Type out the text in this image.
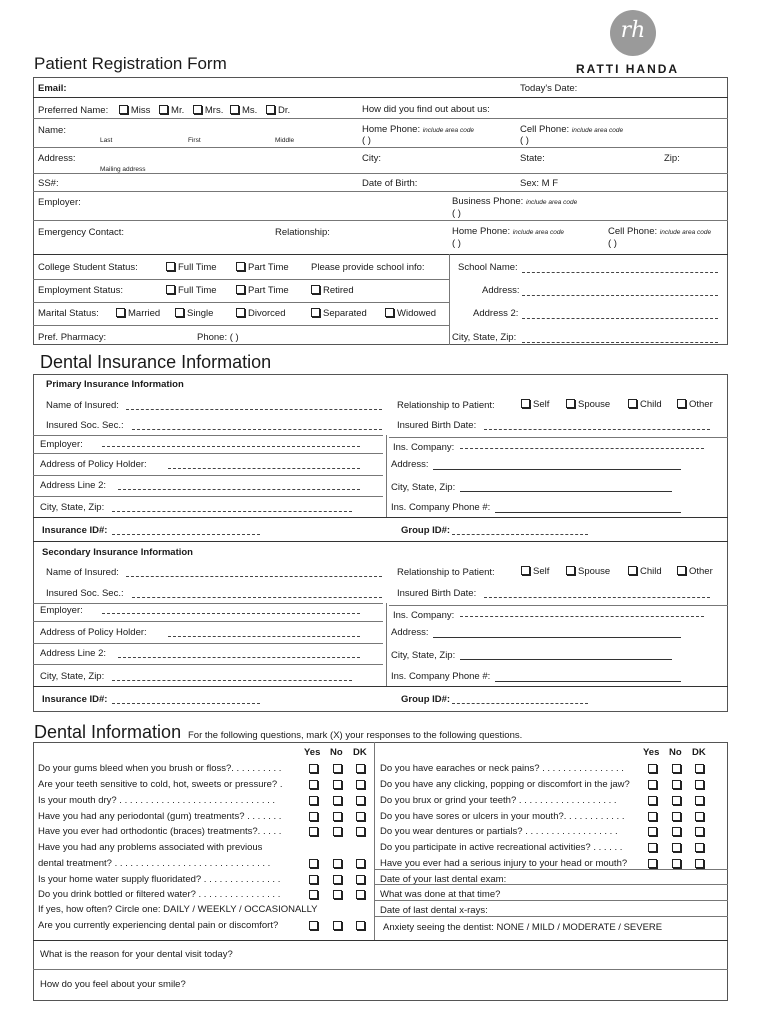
rh
RATTI HANDA
Patient Registration Form
Email:	Today's Date:
Preferred Name: Miss Mr. Mrs. Ms. Dr.	How did you find out about us:
Name:
Last	First	Middle
Home Phone: include area code
( )
Cell Phone: include area code
( )
Address:
Mailing address
City:	State:	Zip:
SS#:	Date of Birth:	Sex: M F
Employer:	Business Phone: include area code
( )
Emergency Contact:	Relationship:	Home Phone: include area code
( )
Cell Phone: include area code
( )
College Student Status:	Full Time	Part Time Please provide school info:	School Name:
Employment Status:	Full Time	Part Time	Retired	Address:
Marital Status:	Married	Single	Divorced	Separated	Widowed	Address 2:
Pref. Pharmacy:	Phone: ( )	City, State, Zip:
Dental Insurance Information
Primary Insurance Information
Name of Insured:	Relationship to Patient:	Self	Spouse	Child	Other
Insured Soc. Sec.:	Insured Birth Date:
Employer:	Ins. Company:
Address of Policy Holder:	Address:
Address Line 2:	City, State, Zip:
City, State, Zip:	Ins. Company Phone #:
Insurance ID#:	Group ID#:
Secondary Insurance Information
Name of Insured:	Relationship to Patient:	Self	Spouse	Child	Other
Insured Soc. Sec.:	Insured Birth Date:
Employer:	Ins. Company:
Address of Policy Holder:	Address:
Address Line 2:	City, State, Zip:
City, State, Zip:	Ins. Company Phone #:
Insurance ID#:	Group ID#:
Dental Information For the following questions, mark (X) your responses to the following questions.
Yes No DK	Yes No DK
Do your gums bleed when you brush or floss?. . . . . . . . . .
Are your teeth sensitive to cold, hot, sweets or pressure? .
Is your mouth dry? . . . . . . . . . . . . . . . . . . . . . . . . . . . . . .
Have you had any periodontal (gum) treatments? . . . . . . .
Have you ever had orthodontic (braces) treatments?. . . . .
Have you had any problems associated with previous
dental treatment? . . . . . . . . . . . . . . . . . . . . . . . . . . . . . .
Is your home water supply fluoridated? . . . . . . . . . . . . . . .
Do you drink bottled or filtered water? . . . . . . . . . . . . . . . .
If yes, how often? Circle one: DAILY / WEEKLY / OCCASIONALLY
Are you currently experiencing dental pain or discomfort?
Do you have earaches or neck pains? . . . . . . . . . . . . . . . .
Do you have any clicking, popping or discomfort in the jaw?
Do you brux or grind your teeth? . . . . . . . . . . . . . . . . . . .
Do you have sores or ulcers in your mouth?. . . . . . . . . . . .
Do you wear dentures or partials? . . . . . . . . . . . . . . . . . .
Do you participate in active recreational activities? . . . . . .
Have you ever had a serious injury to your head or mouth?
Date of your last dental exam:
What was done at that time?
Date of last dental x-rays:
Anxiety seeing the dentist: NONE / MILD / MODERATE / SEVERE
What is the reason for your dental visit today?
How do you feel about your smile?
